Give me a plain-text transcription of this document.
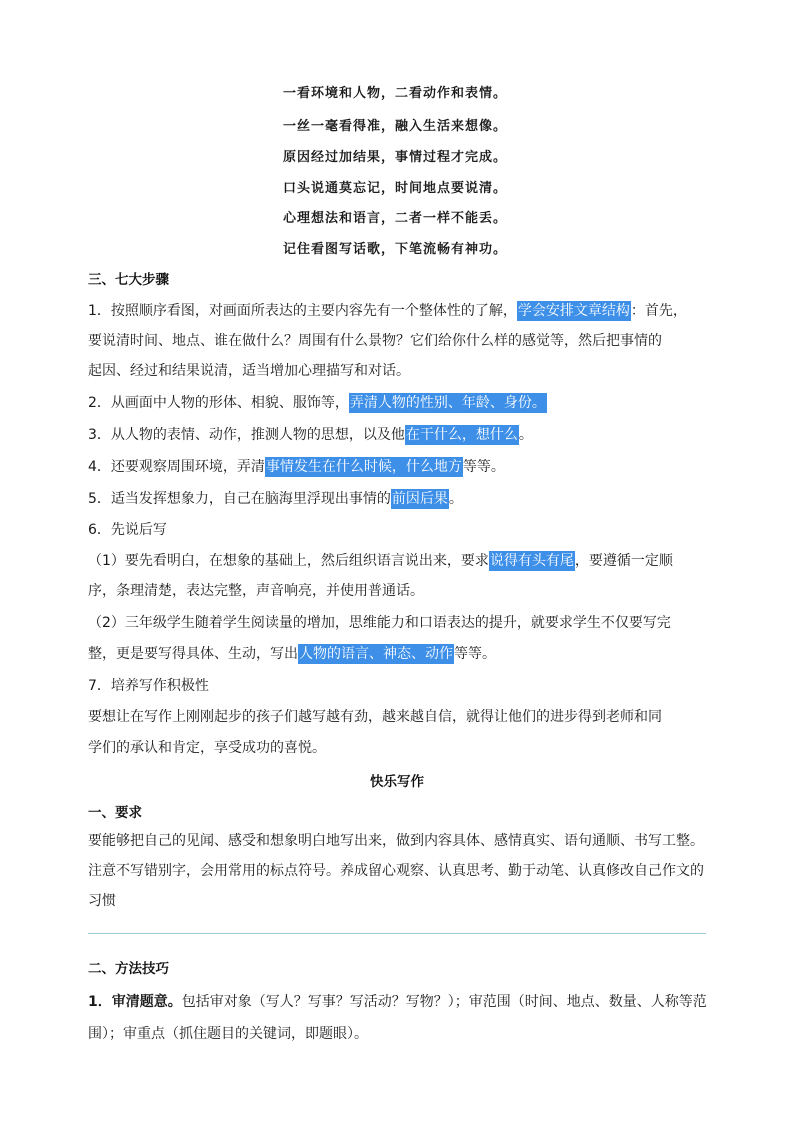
一看环境和人物，二看动作和表情。
一丝一毫看得准，融入生活来想像。
原因经过加结果，事情过程才完成。
口头说通莫忘记，时间地点要说清。
心理想法和语言，二者一样不能丢。
记住看图写话歌，下笔流畅有神功。
三、七大步骤
1．按照顺序看图，对画面所表达的主要内容先有一个整体性的了解，学会安排文章结构：首先，
要说清时间、地点、谁在做什么？周围有什么景物？它们给你什么样的感觉等，然后把事情的
起因、经过和结果说清，适当增加心理描写和对话。
2．从画面中人物的形体、相貌、服饰等，弄清人物的性别、年龄、身份。
3．从人物的表情、动作，推测人物的思想，以及他在干什么，想什么。
4．还要观察周围环境，弄清事情发生在什么时候，什么地方等等。
5．适当发挥想象力，自己在脑海里浮现出事情的前因后果。
6．先说后写
（1）要先看明白，在想象的基础上，然后组织语言说出来，要求说得有头有尾，要遵循一定顺
序，条理清楚，表达完整，声音响亮，并使用普通话。
（2）三年级学生随着学生阅读量的增加，思维能力和口语表达的提升，就要求学生不仅要写完
整，更是要写得具体、生动，写出人物的语言、神态、动作等等。
7．培养写作积极性
要想让在写作上刚刚起步的孩子们越写越有劲，越来越自信，就得让他们的进步得到老师和同
学们的承认和肯定，享受成功的喜悦。
快乐写作
一、要求
要能够把自己的见闻、感受和想象明白地写出来，做到内容具体、感情真实、语句通顺、书写工整。
注意不写错别字，会用常用的标点符号。养成留心观察、认真思考、勤于动笔、认真修改自己作文的
习惯
二、方法技巧
1．审清题意。包括审对象（写人？写事？写活动？写物？）；审范围（时间、地点、数量、人称等范
围）；审重点（抓住题目的关键词，即题眼）。
